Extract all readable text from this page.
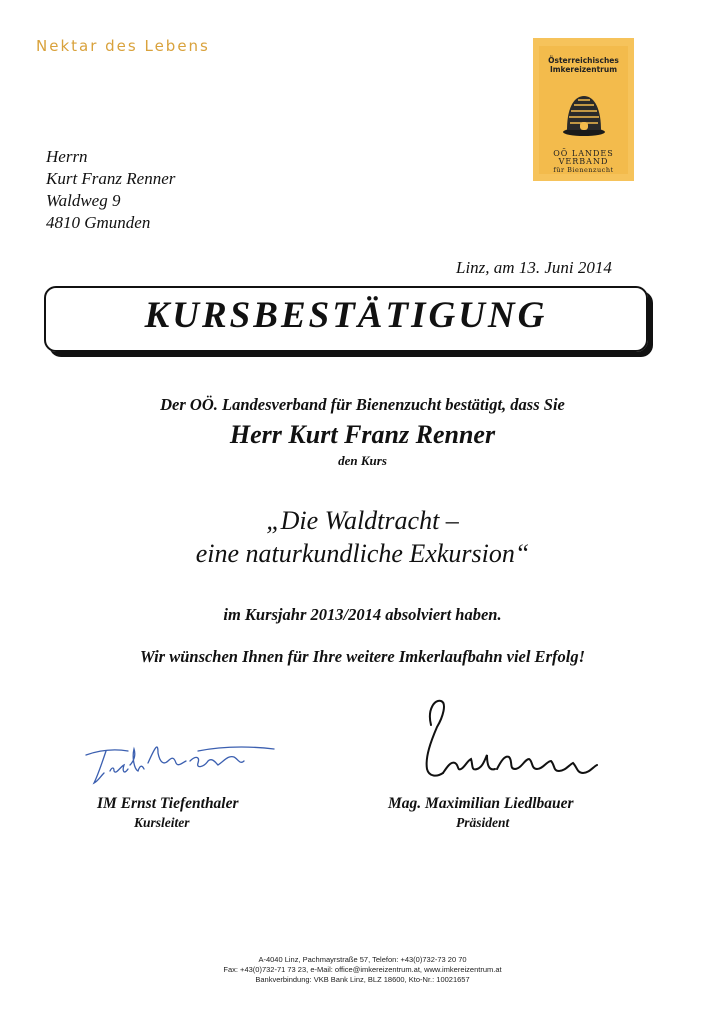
Nektar des Lebens
Österreichisches
Imkereizentrum
OÖ LANDES
VERBAND
für Bienenzucht
Herrn
Kurt Franz Renner
Waldweg 9
4810 Gmunden
Linz, am 13. Juni 2014
KURSBESTÄTIGUNG
Der OÖ. Landesverband für Bienenzucht bestätigt, dass Sie
Herr Kurt Franz Renner
den Kurs
„Die Waldtracht –
eine naturkundliche Exkursion“
im Kursjahr 2013/2014 absolviert haben.
Wir wünschen Ihnen für Ihre weitere Imkerlaufbahn viel Erfolg!
IM Ernst Tiefenthaler
Kursleiter
Mag. Maximilian Liedlbauer
Präsident
A-4040 Linz, Pachmayrstraße 57, Telefon: +43(0)732-73 20 70
Fax: +43(0)732-71 73 23, e-Mail: office@imkereizentrum.at, www.imkereizentrum.at
Bankverbindung: VKB Bank Linz, BLZ 18600, Kto-Nr.: 10021657
